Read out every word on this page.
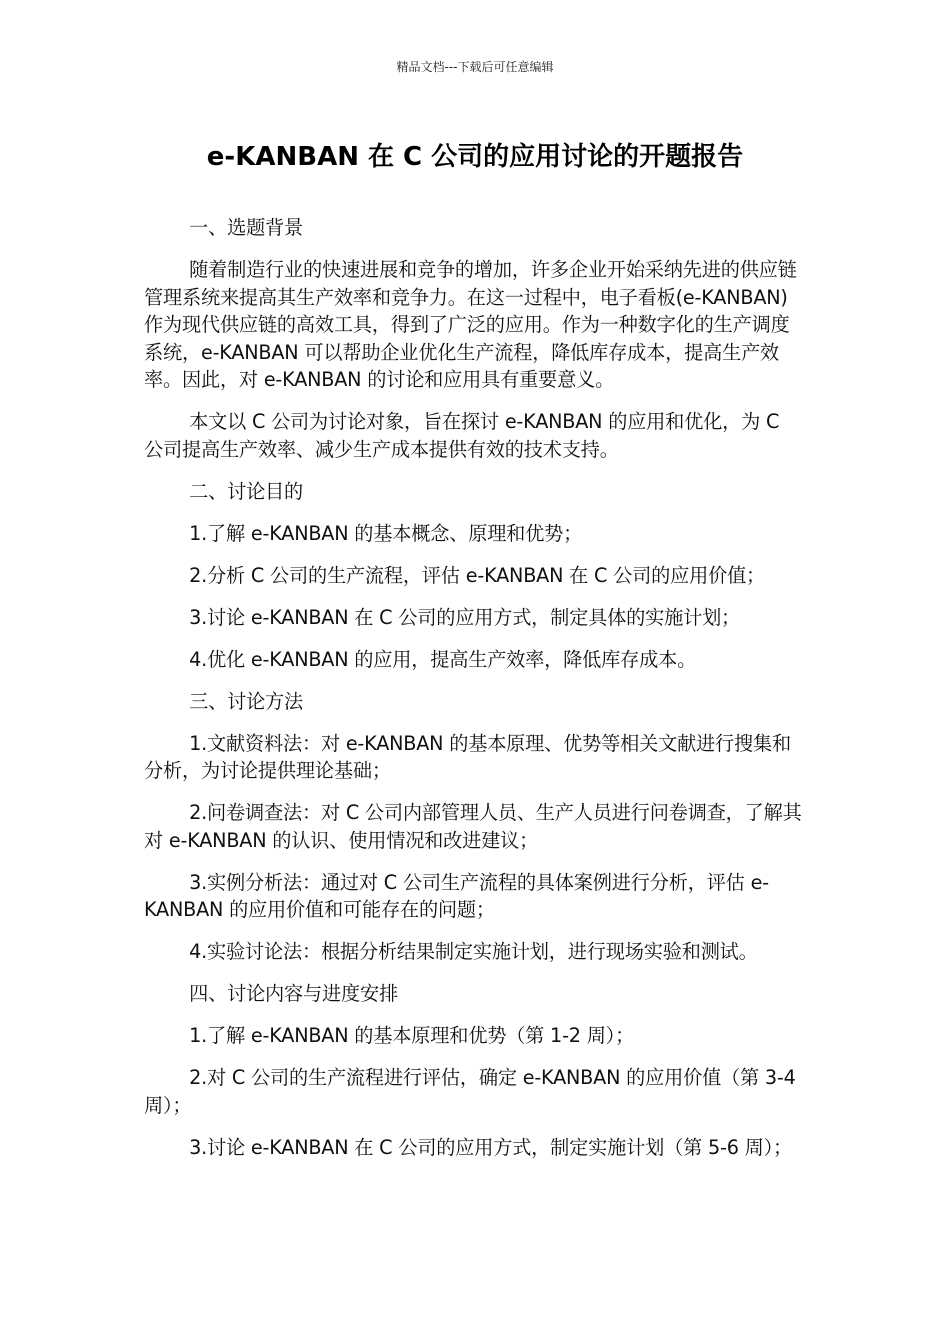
精品文档---下载后可任意编辑
e-KANBAN 在 C 公司的应用讨论的开题报告

一、选题背景

随着制造行业的快速进展和竞争的增加，许多企业开始采纳先进的供应链管理系统来提高其生产效率和竞争力。在这一过程中，电子看板(e-KANBAN)作为现代供应链的高效工具，得到了广泛的应用。作为一种数字化的生产调度系统，e-KANBAN 可以帮助企业优化生产流程，降低库存成本，提高生产效率。因此，对 e-KANBAN 的讨论和应用具有重要意义。

本文以 C 公司为讨论对象，旨在探讨 e-KANBAN 的应用和优化，为 C 公司提高生产效率、减少生产成本提供有效的技术支持。

二、讨论目的

1.了解 e-KANBAN 的基本概念、原理和优势；

2.分析 C 公司的生产流程，评估 e-KANBAN 在 C 公司的应用价值；

3.讨论 e-KANBAN 在 C 公司的应用方式，制定具体的实施计划；

4.优化 e-KANBAN 的应用，提高生产效率，降低库存成本。

三、讨论方法

1.文献资料法：对 e-KANBAN 的基本原理、优势等相关文献进行搜集和分析，为讨论提供理论基础；

2.问卷调查法：对 C 公司内部管理人员、生产人员进行问卷调查，了解其对 e-KANBAN 的认识、使用情况和改进建议；

3.实例分析法：通过对 C 公司生产流程的具体案例进行分析，评估 e-KANBAN 的应用价值和可能存在的问题；

4.实验讨论法：根据分析结果制定实施计划，进行现场实验和测试。

四、讨论内容与进度安排

1.了解 e-KANBAN 的基本原理和优势（第 1-2 周）；

2.对 C 公司的生产流程进行评估，确定 e-KANBAN 的应用价值（第 3-4 周）；

3.讨论 e-KANBAN 在 C 公司的应用方式，制定实施计划（第 5-6 周）；
